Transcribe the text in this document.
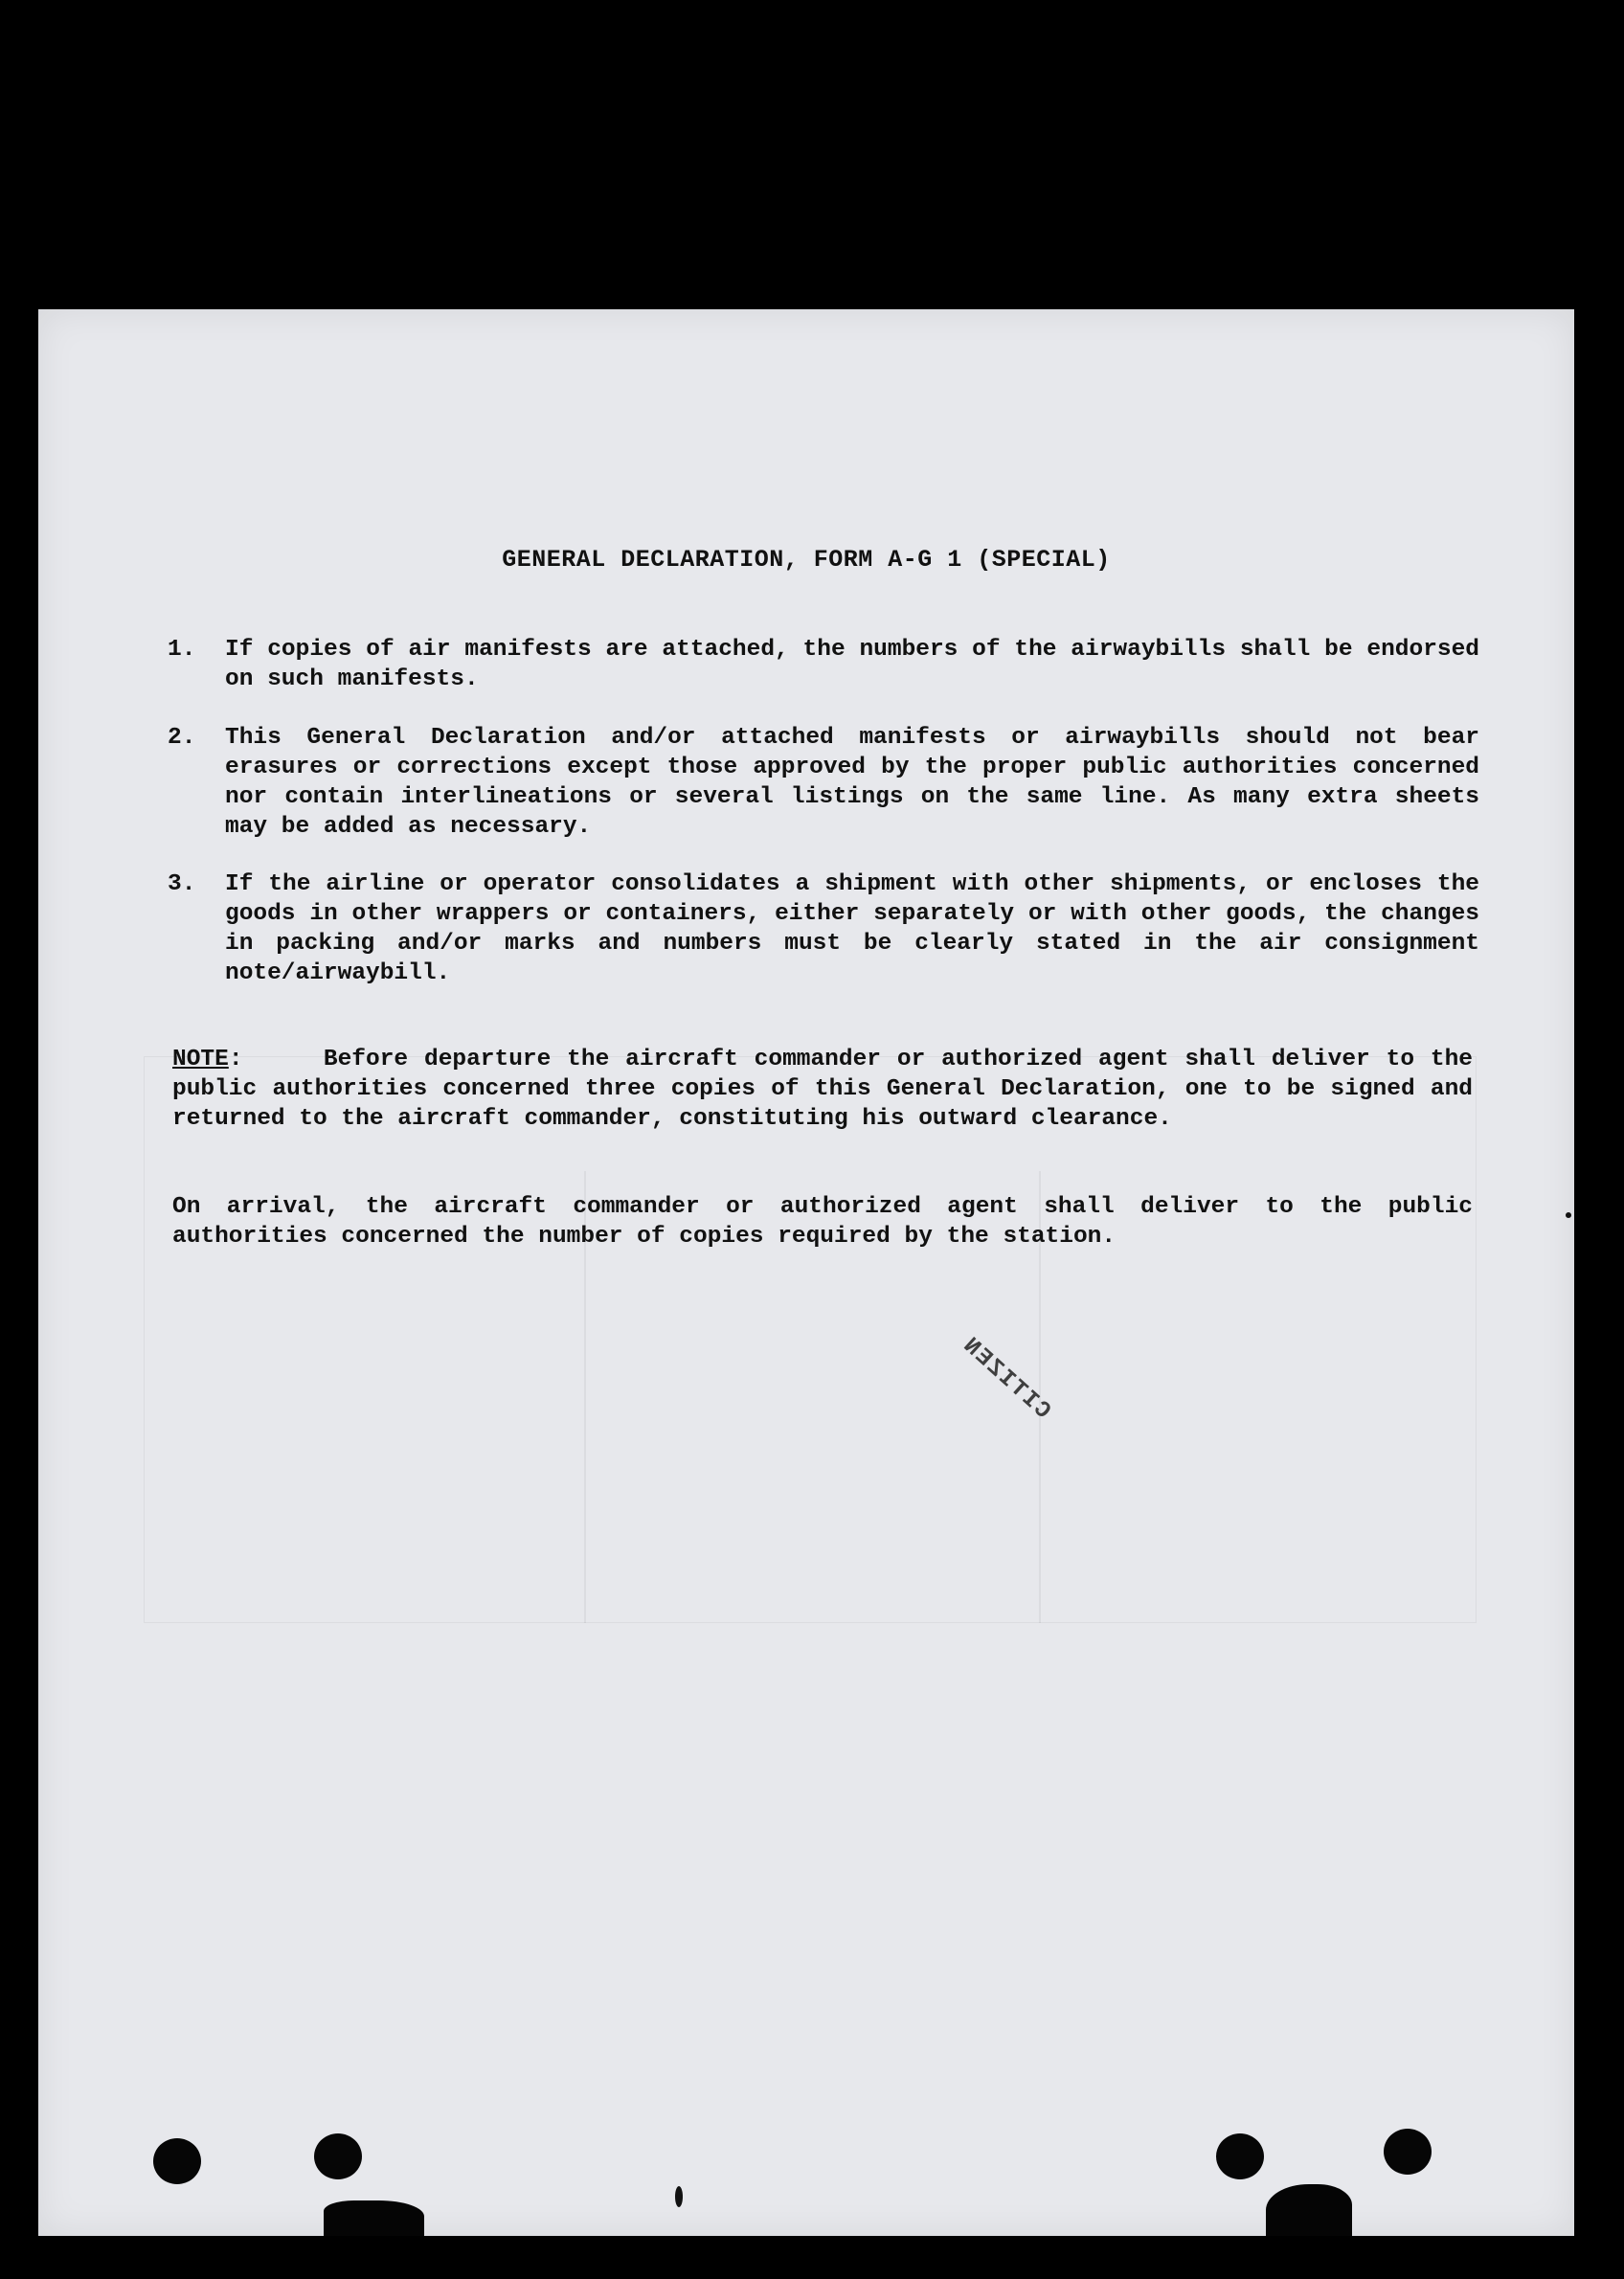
GENERAL DECLARATION, FORM A-G 1 (SPECIAL)
1.	If copies of air manifests are attached, the numbers of the airwaybills shall be endorsed on such manifests.
2.	This General Declaration and/or attached manifests or airwaybills should not bear erasures or corrections except those approved by the proper public authorities concerned nor contain interlineations or several listings on the same line. As many extra sheets may be added as necessary.
3.	If the airline or operator consolidates a shipment with other shipments, or encloses the goods in other wrappers or containers, either separately or with other goods, the changes in packing and/or marks and numbers must be clearly stated in the air consignment note/airwaybill.
NOTE:     Before departure the aircraft commander or authorized agent shall deliver to the public authorities concerned three copies of this General Declaration, one to be signed and returned to the aircraft commander, constituting his outward clearance.
On arrival, the aircraft commander or authorized agent shall deliver to the public authorities concerned the number of copies required by the station.
CITIZEN
